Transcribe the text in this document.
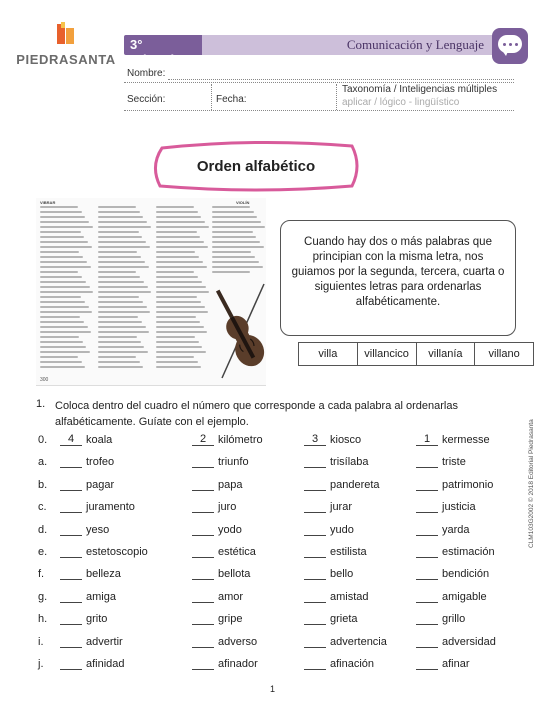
PIEDRASANTA
3° primaria
Comunicación y Lenguaje
Nombre:
Sección:	Fecha:
Taxonomía / Inteligencias múltiples
aplicar / lógico - lingüístico
Orden alfabético
VIBRAR	VIOLÍN
300
Cuando hay dos o más palabras que principian con la misma letra, nos guiamos por la segunda, tercera, cuarta o siguientes letras para ordenarlas alfabéticamente.
villa	villancico	villanía	villano
1. Coloca dentro del cuadro el número que corresponde a cada palabra al ordenarlas alfabéticamente. Guíate con el ejemplo.
0.	4	koala	2	kilómetro	3	kiosco	1	kermesse
a.	trofeo	triunfo	trisílaba	triste
b.	pagar	papa	pandereta	patrimonio
c.	juramento	juro	jurar	justicia
d.	yeso	yodo	yudo	yarda
e.	estetoscopio	estética	estilista	estimación
f.	belleza	bellota	bello	bendición
g.	amiga	amor	amistad	amigable
h.	grito	gripe	grieta	grillo
i.	advertir	adverso	advertencia	adversidad
j.	afinidad	afinador	afinación	afinar
1
CLM103G2002 © 2018 Editorial Piedrasanta
